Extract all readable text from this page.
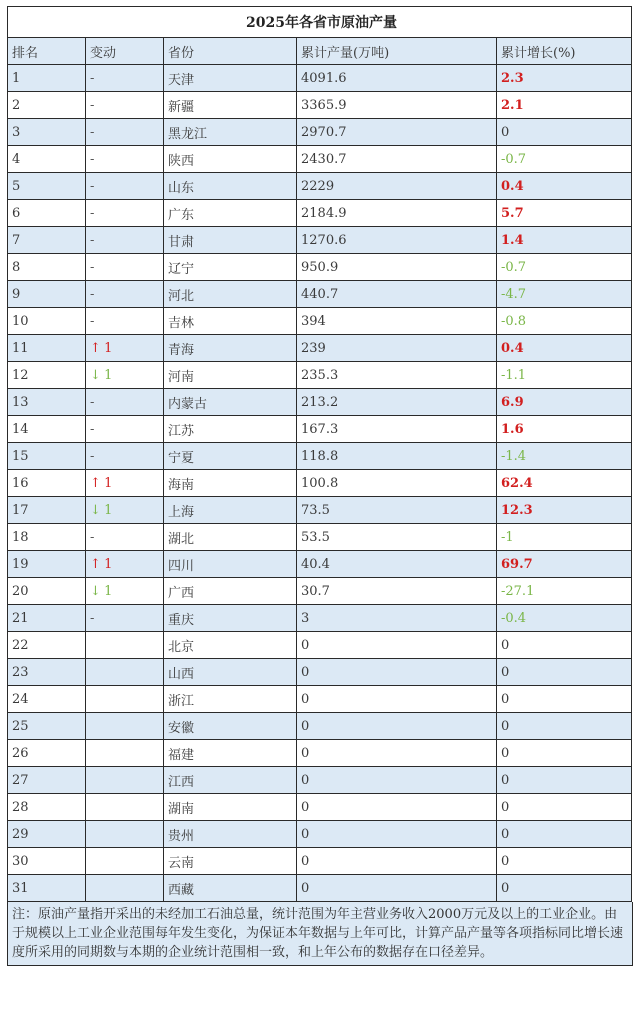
2025年各省市原油产量				
排名	变动	省份	累计产量(万吨)	累计增长(%)
1	-	天津	4091.6	2.3
2	-	新疆	3365.9	2.1
3	-	黑龙江	2970.7	0
4	-	陕西	2430.7	-0.7
5	-	山东	2229	0.4
6	-	广东	2184.9	5.7
7	-	甘肃	1270.6	1.4
8	-	辽宁	950.9	-0.7
9	-	河北	440.7	-4.7
10	-	吉林	394	-0.8
11	↑ 1	青海	239	0.4
12	↓ 1	河南	235.3	-1.1
13	-	内蒙古	213.2	6.9
14	-	江苏	167.3	1.6
15	-	宁夏	118.8	-1.4
16	↑ 1	海南	100.8	62.4
17	↓ 1	上海	73.5	12.3
18	-	湖北	53.5	-1
19	↑ 1	四川	40.4	69.7
20	↓ 1	广西	30.7	-27.1
21	-	重庆	3	-0.4
22		北京	0	0
23		山西	0	0
24		浙江	0	0
25		安徽	0	0
26		福建	0	0
27		江西	0	0
28		湖南	0	0
29		贵州	0	0
30		云南	0	0
31		西藏	0	0
注：原油产量指开采出的未经加工石油总量，统计范围为年主营业务收入2000万元及以上的工业企业。由于规模以上工业企业范围每年发生变化，为保证本年数据与上年可比，计算产品产量等各项指标同比增长速度所采用的同期数与本期的企业统计范围相一致，和上年公布的数据存在口径差异。
